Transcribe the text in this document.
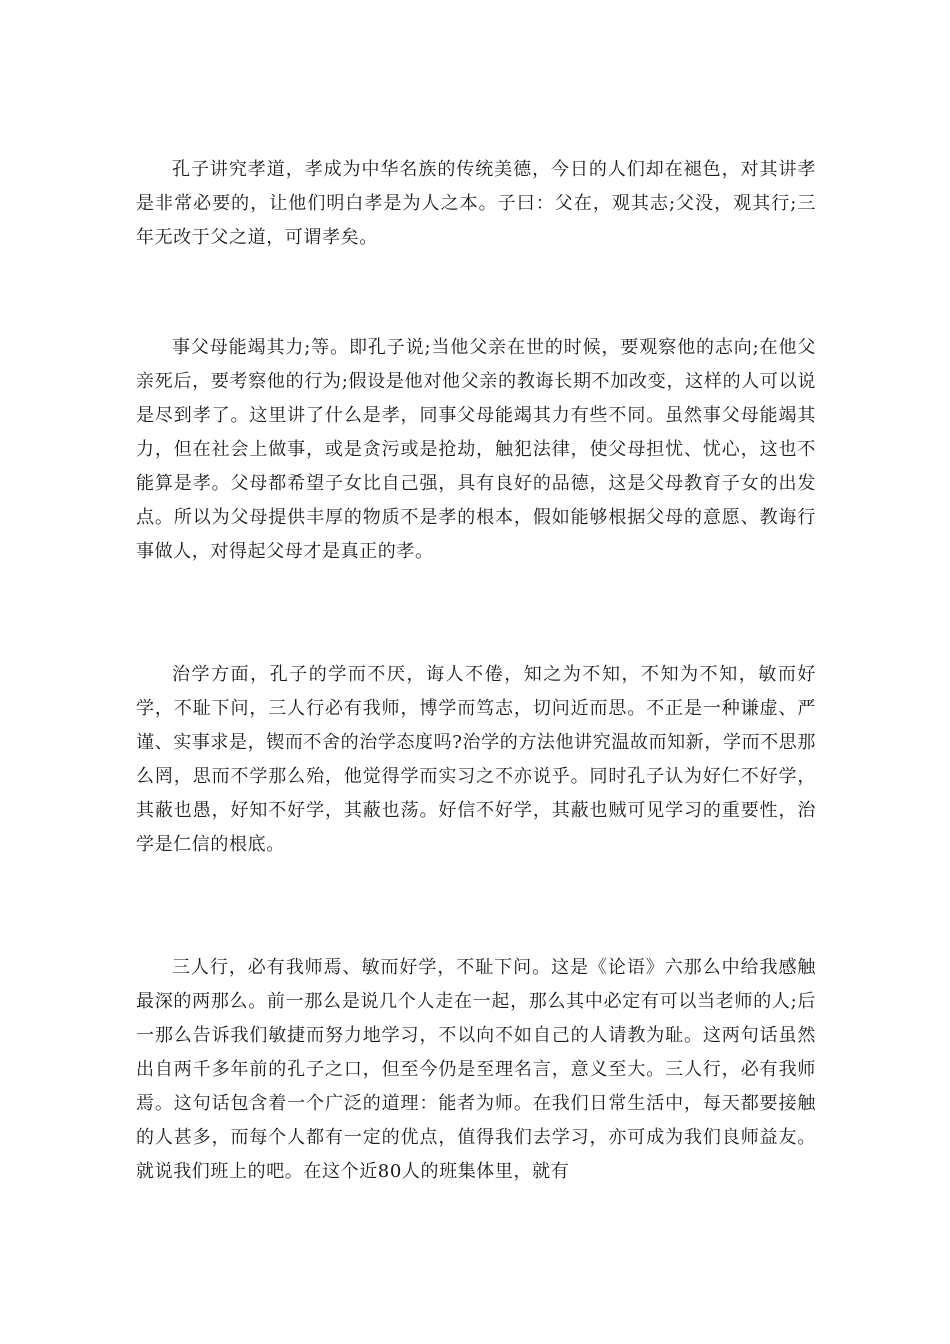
孔子讲究孝道，孝成为中华名族的传统美德，今日的人们却在褪色，对其讲孝是非常必要的，让他们明白孝是为人之本。子曰：父在，观其志;父没，观其行;三年无改于父之道，可谓孝矣。

事父母能竭其力;等。即孔子说;当他父亲在世的时候，要观察他的志向;在他父亲死后，要考察他的行为;假设是他对他父亲的教诲长期不加改变，这样的人可以说是尽到孝了。这里讲了什么是孝，同事父母能竭其力有些不同。虽然事父母能竭其力，但在社会上做事，或是贪污或是抢劫，触犯法律，使父母担忧、忧心，这也不能算是孝。父母都希望子女比自己强，具有良好的品德，这是父母教育子女的出发点。所以为父母提供丰厚的物质不是孝的根本，假如能够根据父母的意愿、教诲行事做人，对得起父母才是真正的孝。

治学方面，孔子的学而不厌，诲人不倦，知之为不知，不知为不知，敏而好学，不耻下问，三人行必有我师，博学而笃志，切问近而思。不正是一种谦虚、严谨、实事求是，锲而不舍的治学态度吗?治学的方法他讲究温故而知新，学而不思那么罔，思而不学那么殆，他觉得学而实习之不亦说乎。同时孔子认为好仁不好学，其蔽也愚，好知不好学，其蔽也荡。好信不好学，其蔽也贼可见学习的重要性，治学是仁信的根底。

三人行，必有我师焉、敏而好学，不耻下问。这是《论语》六那么中给我感触最深的两那么。前一那么是说几个人走在一起，那么其中必定有可以当老师的人;后一那么告诉我们敏捷而努力地学习，不以向不如自己的人请教为耻。这两句话虽然出自两千多年前的孔子之口，但至今仍是至理名言，意义至大。三人行，必有我师焉。这句话包含着一个广泛的道理：能者为师。在我们日常生活中，每天都要接触的人甚多，而每个人都有一定的优点，值得我们去学习，亦可成为我们良师益友。就说我们班上的吧。在这个近80人的班集体里，就有
